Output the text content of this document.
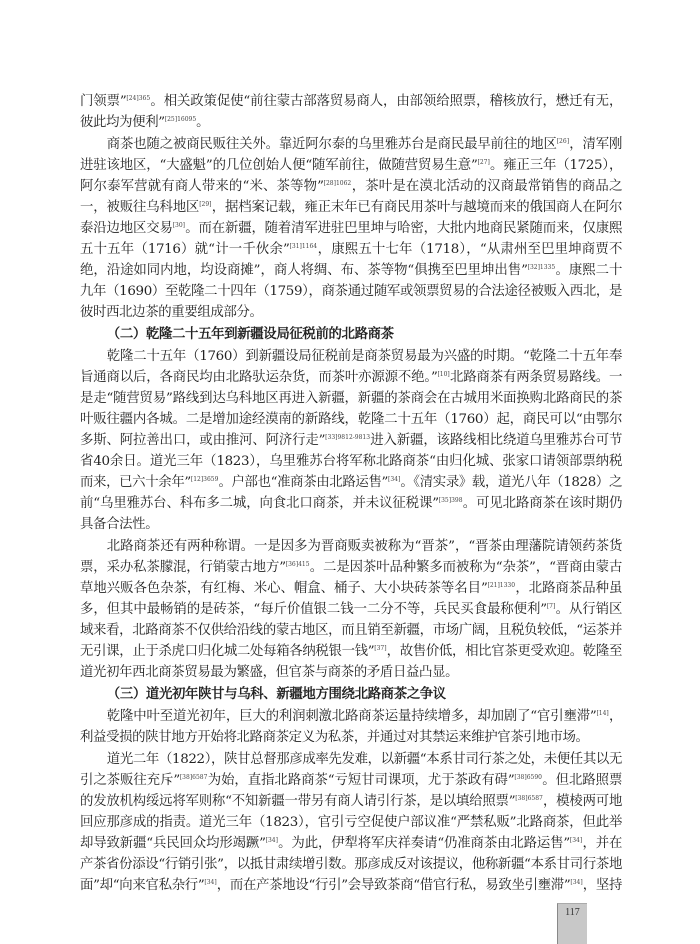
门领票”$^{[24]365}$。相关政策促使“前往蒙古部落贸易商人，由部领给照票，稽核放行，懋迁有无，彼此均为便利”$^{[25]16095}$。

商茶也随之被商民贩往关外。靠近阿尔泰的乌里雅苏台是商民最早前往的地区[26]，清军刚进驻该地区，“大盛魁”的几位创始人便“随军前往，做随营贸易生意”[27]。雍正三年（1725），阿尔泰军营就有商人带来的“米、茶等物”$^{[28]1062}$，茶叶是在漠北活动的汉商最常销售的商品之一，被贩往乌科地区[29]，据档案记载，雍正末年已有商民用茶叶与越境而来的俄国商人在阿尔泰沿边地区交易[30]。而在新疆，随着清军进驻巴里坤与哈密，大批内地商民紧随而来，仅康熙五十五年（1716）就“计一千伙余”$^{[31]1164}$，康熙五十七年（1718），“从肃州至巴里坤商贾不绝，沿途如同内地，均设商摊”，商人将绸、布、茶等物“俱携至巴里坤出售”$^{[32]1335}$。康熙二十九年（1690）至乾隆二十四年（1759），商茶通过随军或领票贸易的合法途径被贩入西北，是彼时西北边茶的重要组成部分。

（二）乾隆二十五年到新疆设局征税前的北路商茶

乾隆二十五年（1760）到新疆设局征税前是商茶贸易最为兴盛的时期。“乾隆二十五年奉旨通商以后，各商民均由北路驮运杂货，而茶叶亦源源不绝。”[10]北路商茶有两条贸易路线。一是走“随营贸易”路线到达乌科地区再进入新疆，新疆的茶商会在古城用米面换购北路商民的茶叶贩往疆内各城。二是增加途经漠南的新路线，乾隆二十五年（1760）起，商民可以“由鄂尔多斯、阿拉善出口，或由推河、阿济行走”$^{[33]9812-9813}$进入新疆，该路线相比绕道乌里雅苏台可节省40余日。道光三年（1823），乌里雅苏台将军称北路商茶“由归化城、张家口请领部票纳税而来，已六十余年”$^{[12]3659}$。户部也“准商茶由北路运售”[34]。《清实录》载，道光八年（1828）之前“乌里雅苏台、科布多二城，向食北口商茶，并未议征税课”$^{[35]398}$。可见北路商茶在该时期仍具备合法性。

北路商茶还有两种称谓。一是因多为晋商贩卖被称为“晋茶”，“晋茶由理藩院请领药茶货票，采办私茶朦混，行销蒙古地方”$^{[36]415}$。二是因茶叶品种繁多而被称为“杂茶”，“晋商由蒙古草地兴贩各色杂茶，有红梅、米心、帽盒、桶子、大小块砖茶等名目”$^{[21]1330}$，北路商茶品种虽多，但其中最畅销的是砖茶，“每斤价值银二钱一二分不等，兵民买食最称便利”[7]。从行销区域来看，北路商茶不仅供给沿线的蒙古地区，而且销至新疆，市场广阔，且税负较低，“运茶并无引课，止于杀虎口归化城二处每箱各纳税银一钱”[37]，故售价低，相比官茶更受欢迎。乾隆至道光初年西北商茶贸易最为繁盛，但官茶与商茶的矛盾日益凸显。

（三）道光初年陕甘与乌科、新疆地方围绕北路商茶之争议

乾隆中叶至道光初年，巨大的利润刺激北路商茶运量持续增多，却加剧了“官引壅滞”[14]，利益受损的陕甘地方开始将北路商茶定义为私茶，并通过对其禁运来维护官茶引地市场。

道光二年（1822），陕甘总督那彦成率先发难，以新疆“本系甘司行茶之处，未便任其以无引之茶贩往充斥”$^{[38]6587}$为始，直指北路商茶“亏短甘司课项，尤于茶政有碍”$^{[38]6590}$。但北路照票的发放机构绥远将军则称“不知新疆一带另有商人请引行茶，是以填给照票”$^{[38]6587}$，模棱两可地回应那彦成的指责。道光三年（1823），官引亏空促使户部议准“严禁私贩”北路商茶，但此举却导致新疆“兵民回众均形竭蹶”[34]。为此，伊犁将军庆祥奏请“仍准商茶由北路运售”[34]，并在产茶省份添设“行销引张”，以抵甘肃续增引数。那彦成反对该提议，他称新疆“本系甘司行茶地面”却“向来官私杂行”[34]，而在产茶地设“行引”会导致茶商“借官行私，易致坐引壅滞”[34]，坚持

117
